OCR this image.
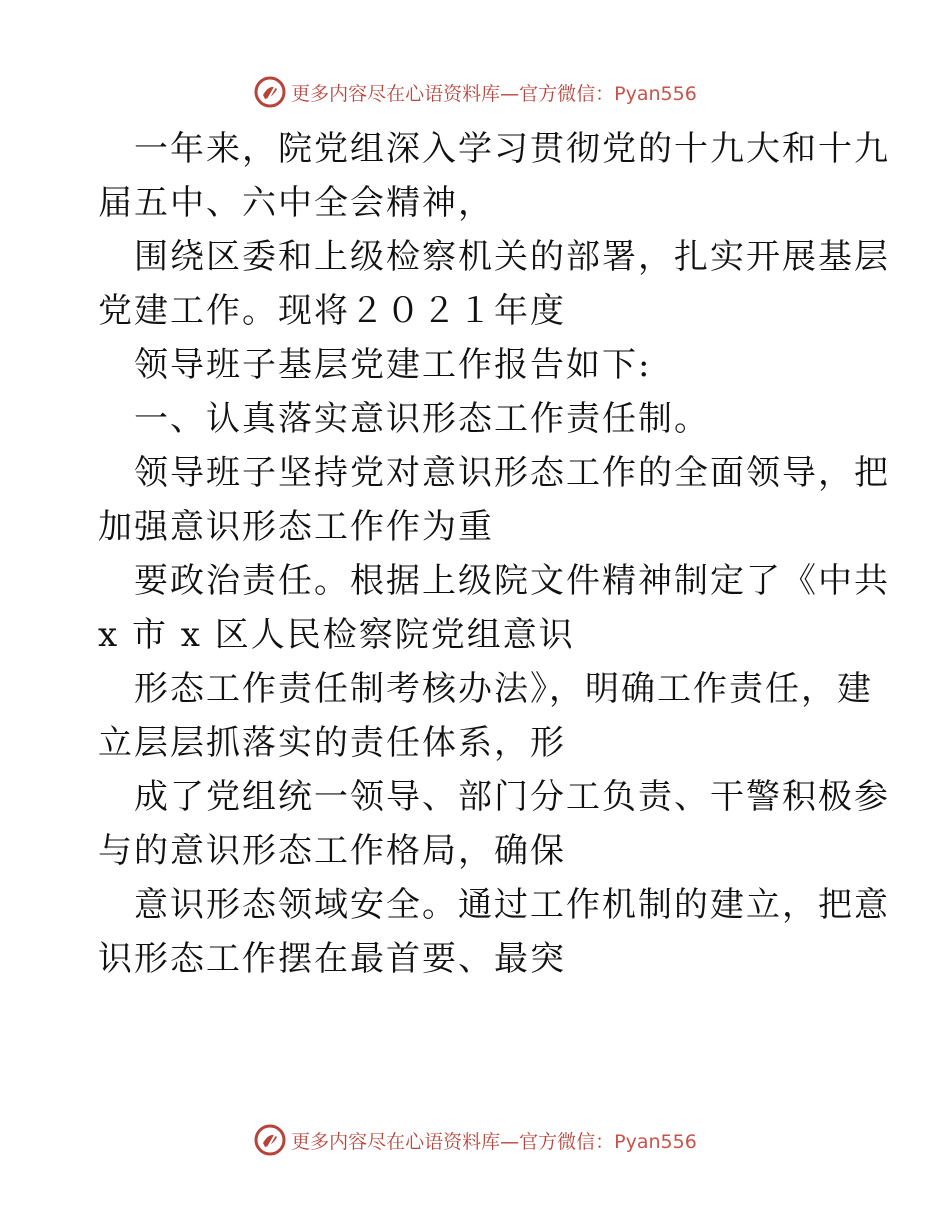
更多内容尽在心语资料库—官方微信：Pyan556
一年来，院党组深入学习贯彻党的十九大和十九
届五中、六中全会精神，
围绕区委和上级检察机关的部署，扎实开展基层
党建工作。现将２０２１年度
领导班子基层党建工作报告如下:
一、认真落实意识形态工作责任制。
领导班子坚持党对意识形态工作的全面领导，把
加强意识形态工作作为重
要政治责任。根据上级院文件精神制定了《中共
x 市 x 区人民检察院党组意识
形态工作责任制考核办法》，明确工作责任，建
立层层抓落实的责任体系，形
成了党组统一领导、部门分工负责、干警积极参
与的意识形态工作格局，确保
意识形态领域安全。通过工作机制的建立，把意
识形态工作摆在最首要、最突
更多内容尽在心语资料库—官方微信：Pyan556
